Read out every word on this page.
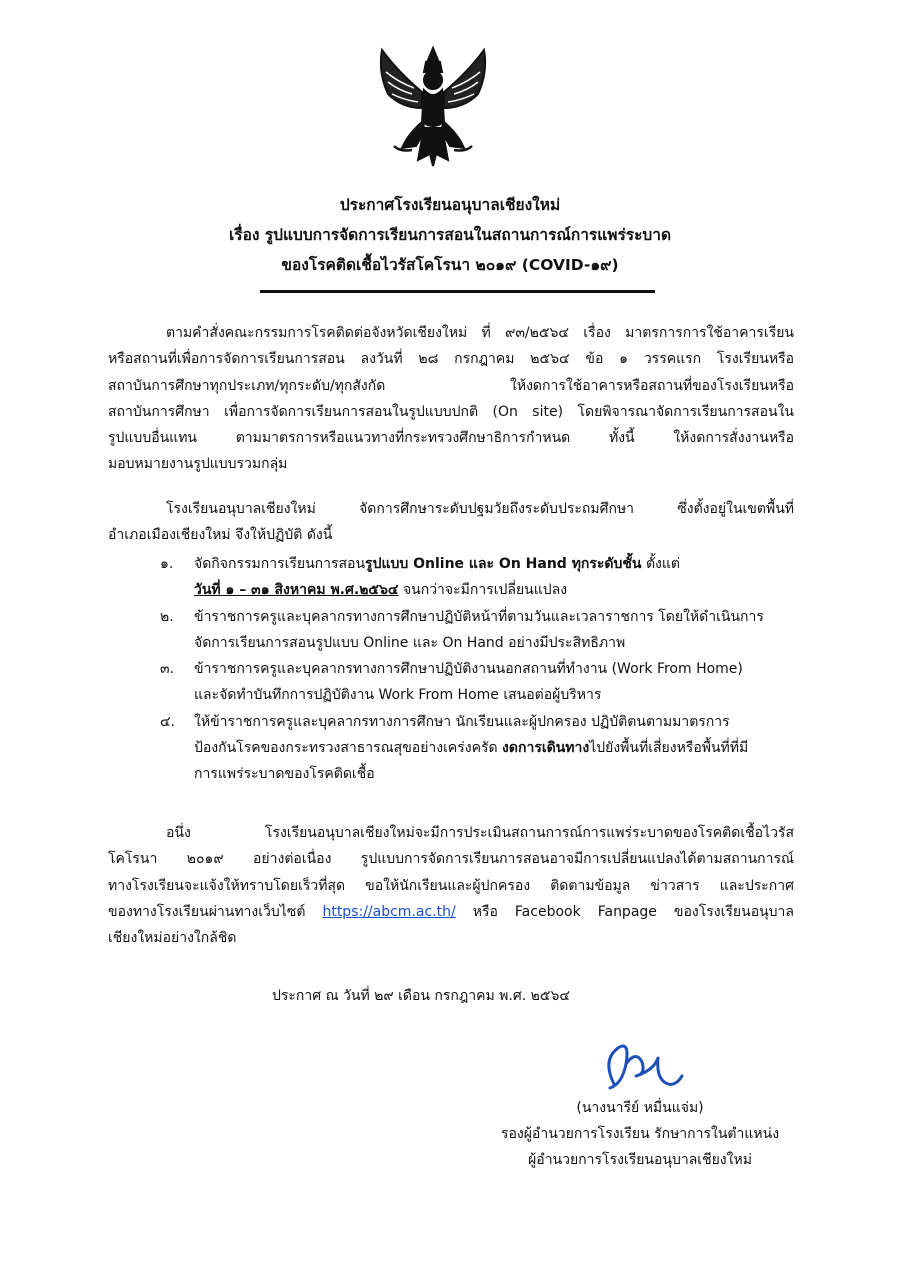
ประกาศโรงเรียนอนุบาลเชียงใหม่
เรื่อง รูปแบบการจัดการเรียนการสอนในสถานการณ์การแพร่ระบาด
ของโรคติดเชื้อไวรัสโคโรนา ๒๐๑๙ (COVID-๑๙)
ตามคำสั่งคณะกรรมการโรคติดต่อจังหวัดเชียงใหม่ ที่ ๙๓/๒๕๖๔ เรื่อง มาตรการการใช้อาคารเรียน
หรือสถานที่เพื่อการจัดการเรียนการสอน ลงวันที่ ๒๘ กรกฎาคม ๒๕๖๔ ข้อ ๑ วรรคแรก โรงเรียนหรือ
สถาบันการศึกษาทุกประเภท/ทุกระดับ/ทุกสังกัด ให้งดการใช้อาคารหรือสถานที่ของโรงเรียนหรือ
สถาบันการศึกษา เพื่อการจัดการเรียนการสอนในรูปแบบปกติ (On site) โดยพิจารณาจัดการเรียนการสอนใน
รูปแบบอื่นแทน ตามมาตรการหรือแนวทางที่กระทรวงศึกษาธิการกำหนด ทั้งนี้ ให้งดการสั่งงานหรือ
มอบหมายงานรูปแบบรวมกลุ่ม
โรงเรียนอนุบาลเชียงใหม่ จัดการศึกษาระดับปฐมวัยถึงระดับประถมศึกษา ซึ่งตั้งอยู่ในเขตพื้นที่
อำเภอเมืองเชียงใหม่ จึงให้ปฏิบัติ ดังนี้
๑. จัดกิจกรรมการเรียนการสอนรูปแบบ Online และ On Hand ทุกระดับชั้น ตั้งแต่
วันที่ ๑ – ๓๑ สิงหาคม พ.ศ.๒๕๖๔ จนกว่าจะมีการเปลี่ยนแปลง
๒. ข้าราชการครูและบุคลากรทางการศึกษาปฏิบัติหน้าที่ตามวันและเวลาราชการ โดยให้ดำเนินการ
จัดการเรียนการสอนรูปแบบ Online และ On Hand อย่างมีประสิทธิภาพ
๓. ข้าราชการครูและบุคลากรทางการศึกษาปฏิบัติงานนอกสถานที่ทำงาน (Work From Home)
และจัดทำบันทึกการปฏิบัติงาน Work From Home เสนอต่อผู้บริหาร
๔. ให้ข้าราชการครูและบุคลากรทางการศึกษา นักเรียนและผู้ปกครอง ปฏิบัติตนตามมาตรการ
ป้องกันโรคของกระทรวงสาธารณสุขอย่างเคร่งครัด งดการเดินทางไปยังพื้นที่เสี่ยงหรือพื้นที่ที่มี
การแพร่ระบาดของโรคติดเชื้อ
อนึ่ง โรงเรียนอนุบาลเชียงใหม่จะมีการประเมินสถานการณ์การแพร่ระบาดของโรคติดเชื้อไวรัส
โคโรนา ๒๐๑๙ อย่างต่อเนื่อง รูปแบบการจัดการเรียนการสอนอาจมีการเปลี่ยนแปลงได้ตามสถานการณ์
ทางโรงเรียนจะแจ้งให้ทราบโดยเร็วที่สุด ขอให้นักเรียนและผู้ปกครอง ติดตามข้อมูล ข่าวสาร และประกาศ
ของทางโรงเรียนผ่านทางเว็บไซต์ https://abcm.ac.th/ หรือ Facebook Fanpage ของโรงเรียนอนุบาล
เชียงใหม่อย่างใกล้ชิด
ประกาศ ณ วันที่ ๒๙ เดือน กรกฎาคม พ.ศ. ๒๕๖๔
(นางนารีย์ หมื่นแจ่ม)
รองผู้อำนวยการโรงเรียน รักษาการในตำแหน่ง
ผู้อำนวยการโรงเรียนอนุบาลเชียงใหม่
